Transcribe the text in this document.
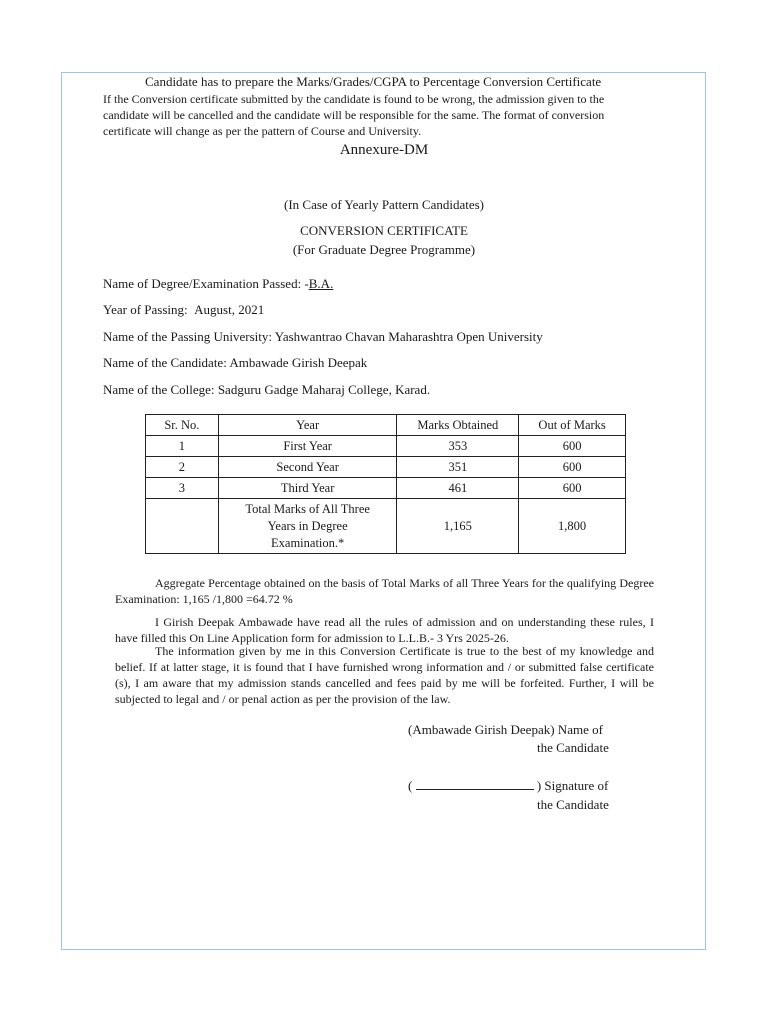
Candidate has to prepare the Marks/Grades/CGPA to Percentage Conversion Certificate
If the Conversion certificate submitted by the candidate is found to be wrong, the admission given to the
candidate will be cancelled and the candidate will be responsible for the same. The format of conversion
certificate will change as per the pattern of Course and University.
Annexure-DM
(In Case of Yearly Pattern Candidates)
CONVERSION CERTIFICATE
(For Graduate Degree Programme)
Name of Degree/Examination Passed: -B.A.
Year of Passing: August, 2021
Name of the Passing University: Yashwantrao Chavan Maharashtra Open University
Name of the Candidate: Ambawade Girish Deepak
Name of the College: Sadguru Gadge Maharaj College, Karad.
Sr. No.	Year	Marks Obtained	Out of Marks
1	First Year	353	600
2	Second Year	351	600
3	Third Year	461	600
	Total Marks of All Three
Years in Degree
Examination.*	1,165	1,800
Aggregate Percentage obtained on the basis of Total Marks of all Three Years for the qualifying Degree Examination: 1,165 /1,800 =64.72 %
I Girish Deepak Ambawade have read all the rules of admission and on understanding these rules, I have filled this On Line Application form for admission to L.L.B.- 3 Yrs 2025-26.
The information given by me in this Conversion Certificate is true to the best of my knowledge and belief. If at latter stage, it is found that I have furnished wrong information and / or submitted false certificate (s), I am aware that my admission stands cancelled and fees paid by me will be forfeited. Further, I will be subjected to legal and / or penal action as per the provision of the law.
(Ambawade Girish Deepak) Name of
the Candidate
(	) Signature of
the Candidate
